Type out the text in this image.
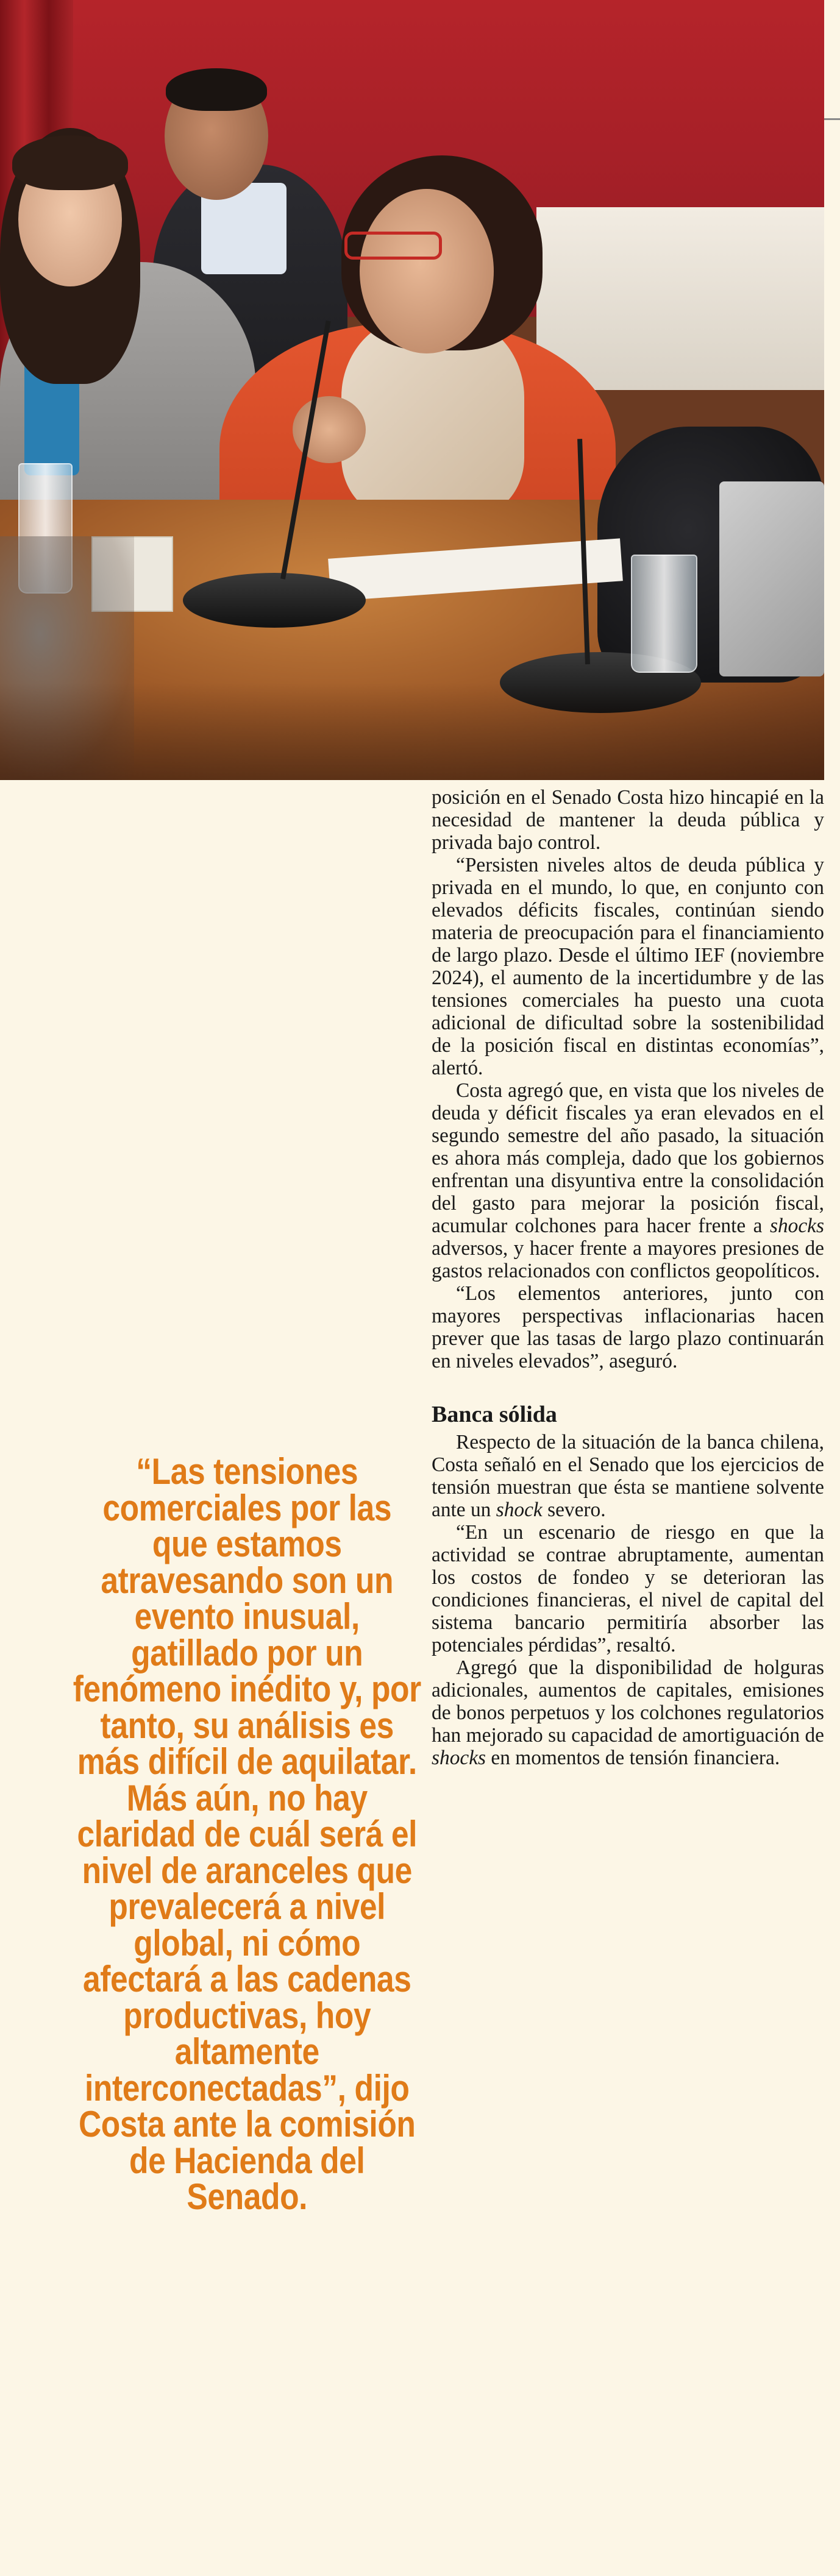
“Las tensiones comerciales por las que estamos atravesando son un evento inusual, gatillado por un fenómeno inédito y, por tanto, su análisis es más difícil de aquilatar. Más aún, no hay claridad de cuál será el nivel de aranceles que prevalecerá a nivel global, ni cómo afectará a las cadenas productivas, hoy altamente interconectadas”, dijo Costa ante la comisión de Hacienda del Senado.

posición en el Senado Costa hizo hincapié en la necesidad de mantener la deuda pública y privada bajo control.

“Persisten niveles altos de deuda pública y privada en el mundo, lo que, en conjunto con elevados déficits fiscales, continúan siendo materia de preocupación para el financiamiento de largo plazo. Desde el último IEF (noviembre 2024), el aumento de la incertidumbre y de las tensiones comerciales ha puesto una cuota adicional de dificultad sobre la sostenibilidad de la posición fiscal en distintas economías”, alertó.

Costa agregó que, en vista que los niveles de deuda y déficit fiscales ya eran elevados en el segundo semestre del año pasado, la situación es ahora más compleja, dado que los gobiernos enfrentan una disyuntiva entre la consolidación del gasto para mejorar la posición fiscal, acumular colchones para hacer frente a shocks adversos, y hacer frente a mayores presiones de gastos relacionados con conflictos geopolíticos.

“Los elementos anteriores, junto con mayores perspectivas inflacionarias hacen prever que las tasas de largo plazo continuarán en niveles elevados”, aseguró.

Banca sólida

Respecto de la situación de la banca chilena, Costa señaló en el Senado que los ejercicios de tensión muestran que ésta se mantiene solvente ante un shock severo.

“En un escenario de riesgo en que la actividad se contrae abruptamente, aumentan los costos de fondeo y se deterioran las condiciones financieras, el nivel de capital del sistema bancario permitiría absorber las potenciales pérdidas”, resaltó.

Agregó que la disponibilidad de holguras adicionales, aumentos de capitales, emisiones de bonos perpetuos y los colchones regulatorios han mejorado su capacidad de amortiguación de shocks en momentos de tensión financiera.
